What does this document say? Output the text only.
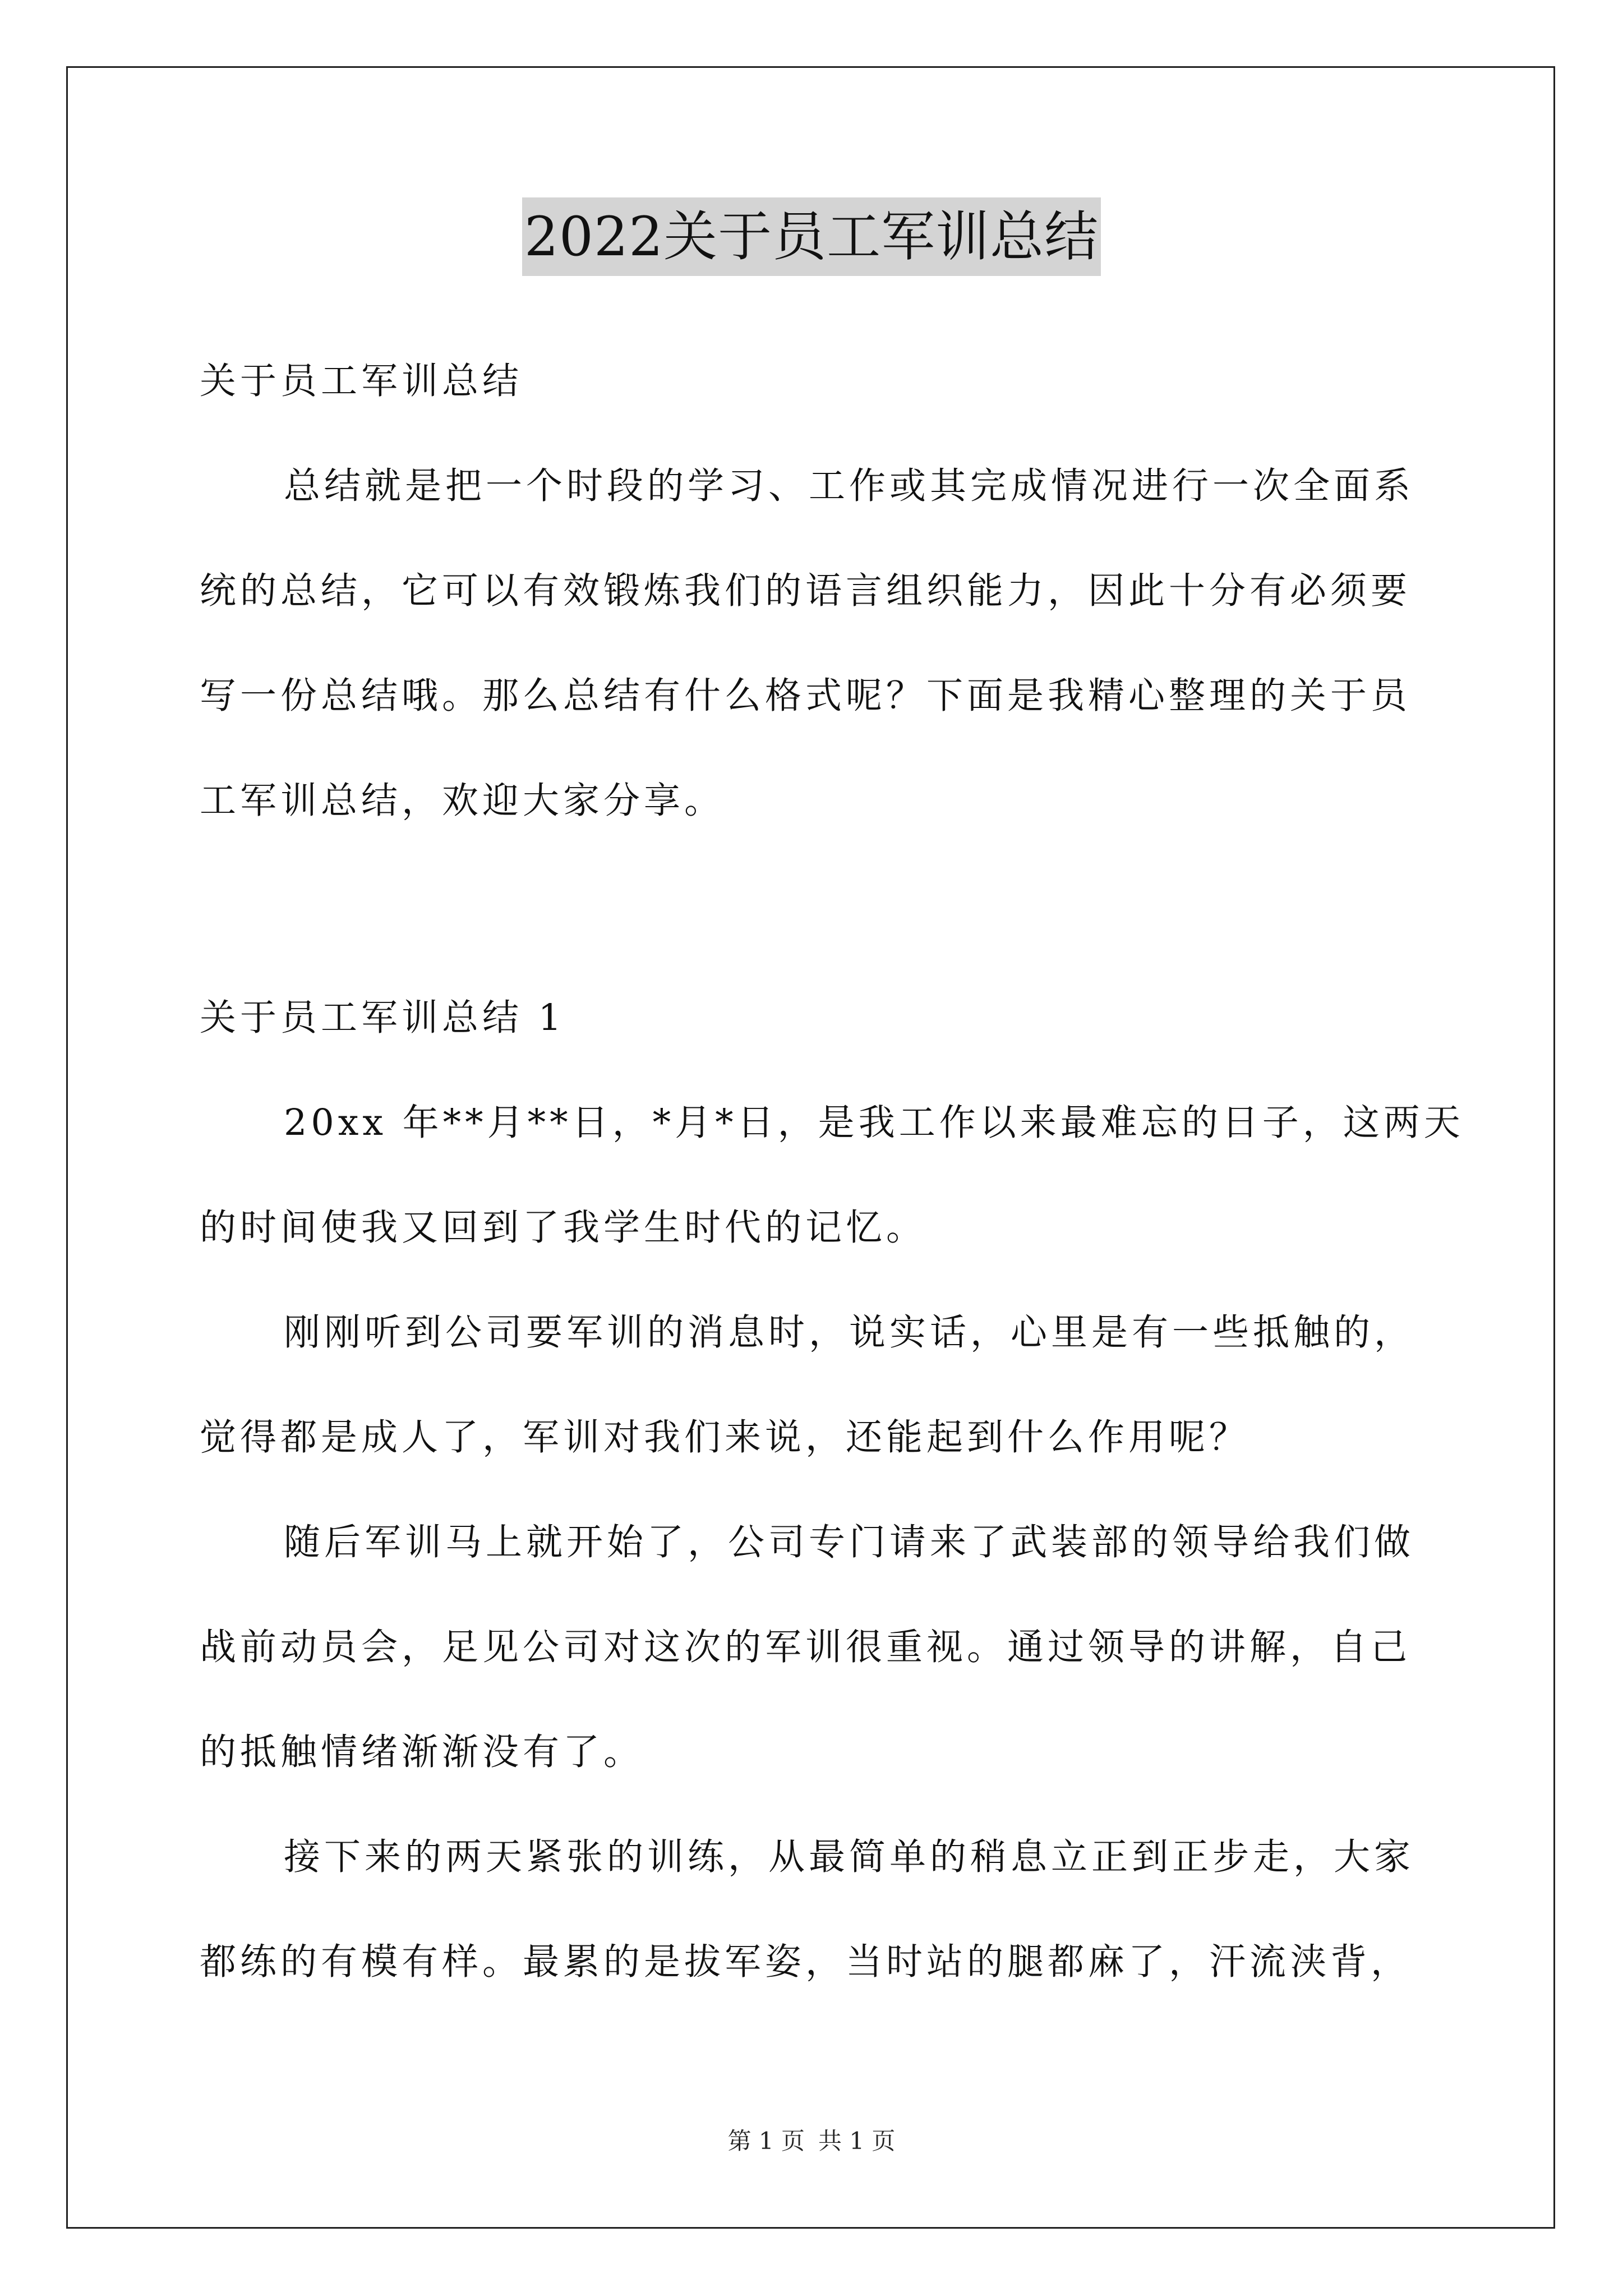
2022关于员工军训总结
关于员工军训总结
总结就是把一个时段的学习、工作或其完成情况进行一次全面系
统的总结，它可以有效锻炼我们的语言组织能力，因此十分有必须要
写一份总结哦。那么总结有什么格式呢？下面是我精心整理的关于员
工军训总结，欢迎大家分享。
关于员工军训总结 1
20xx 年**月**日，*月*日，是我工作以来最难忘的日子，这两天
的时间使我又回到了我学生时代的记忆。
刚刚听到公司要军训的消息时，说实话，心里是有一些抵触的，
觉得都是成人了，军训对我们来说，还能起到什么作用呢？
随后军训马上就开始了，公司专门请来了武装部的领导给我们做
战前动员会，足见公司对这次的军训很重视。通过领导的讲解，自己
的抵触情绪渐渐没有了。
接下来的两天紧张的训练，从最简单的稍息立正到正步走，大家
都练的有模有样。最累的是拔军姿，当时站的腿都麻了，汗流浃背，
第 1 页 共 1 页
